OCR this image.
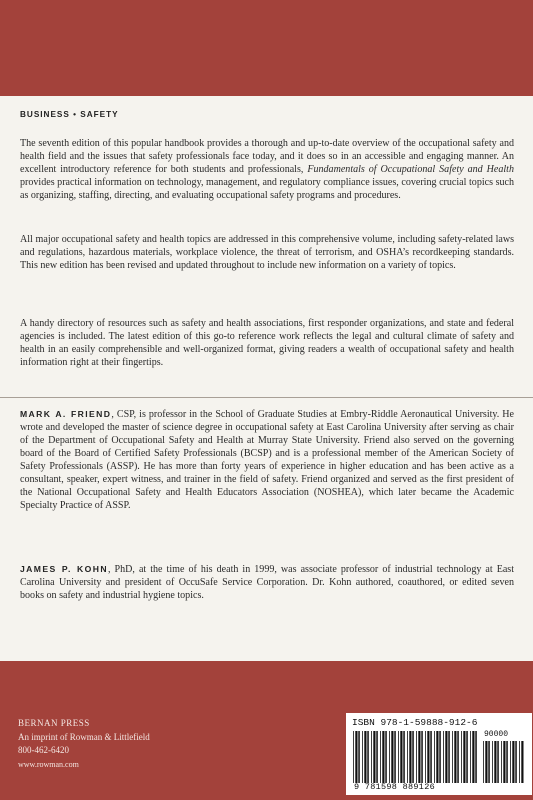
BUSINESS • SAFETY

The seventh edition of this popular handbook provides a thorough and up-to-date overview of the occupational safety and health field and the issues that safety professionals face today, and it does so in an accessible and engaging manner. An excellent introductory reference for both students and professionals, Fundamentals of Occupational Safety and Health provides practical information on technology, management, and regulatory compliance issues, covering crucial topics such as organizing, staffing, directing, and evaluating occupational safety programs and procedures.

All major occupational safety and health topics are addressed in this comprehensive volume, including safety-related laws and regulations, hazardous materials, workplace violence, the threat of terrorism, and OSHA’s recordkeeping standards. This new edition has been revised and updated throughout to include new information on a variety of topics.

A handy directory of resources such as safety and health associations, first responder organizations, and state and federal agencies is included. The latest edition of this go-to reference work reflects the legal and cultural climate of safety and health in an easily comprehensible and well-organized format, giving readers a wealth of occupational safety and health information right at their fingertips.

MARK A. FRIEND, CSP, is professor in the School of Graduate Studies at Embry-Riddle Aeronautical University. He wrote and developed the master of science degree in occupational safety at East Carolina University after serving as chair of the Department of Occupational Safety and Health at Murray State University. Friend also served on the governing board of the Board of Certified Safety Professionals (BCSP) and is a professional member of the American Society of Safety Professionals (ASSP). He has more than forty years of experience in higher education and has been active as a consultant, speaker, expert witness, and trainer in the field of safety. Friend organized and served as the first president of the National Occupational Safety and Health Educators Association (NOSHEA), which later became the Academic Specialty Practice of ASSP.

JAMES P. KOHN, PhD, at the time of his death in 1999, was associate professor of industrial technology at East Carolina University and president of OccuSafe Service Corporation. Dr. Kohn authored, coauthored, or edited seven books on safety and industrial hygiene topics.

BERNAN PRESS
An imprint of Rowman & Littlefield
800-462-6420
www.rowman.com
ISBN 978-1-59888-912-6
90000
9 781598 889126
